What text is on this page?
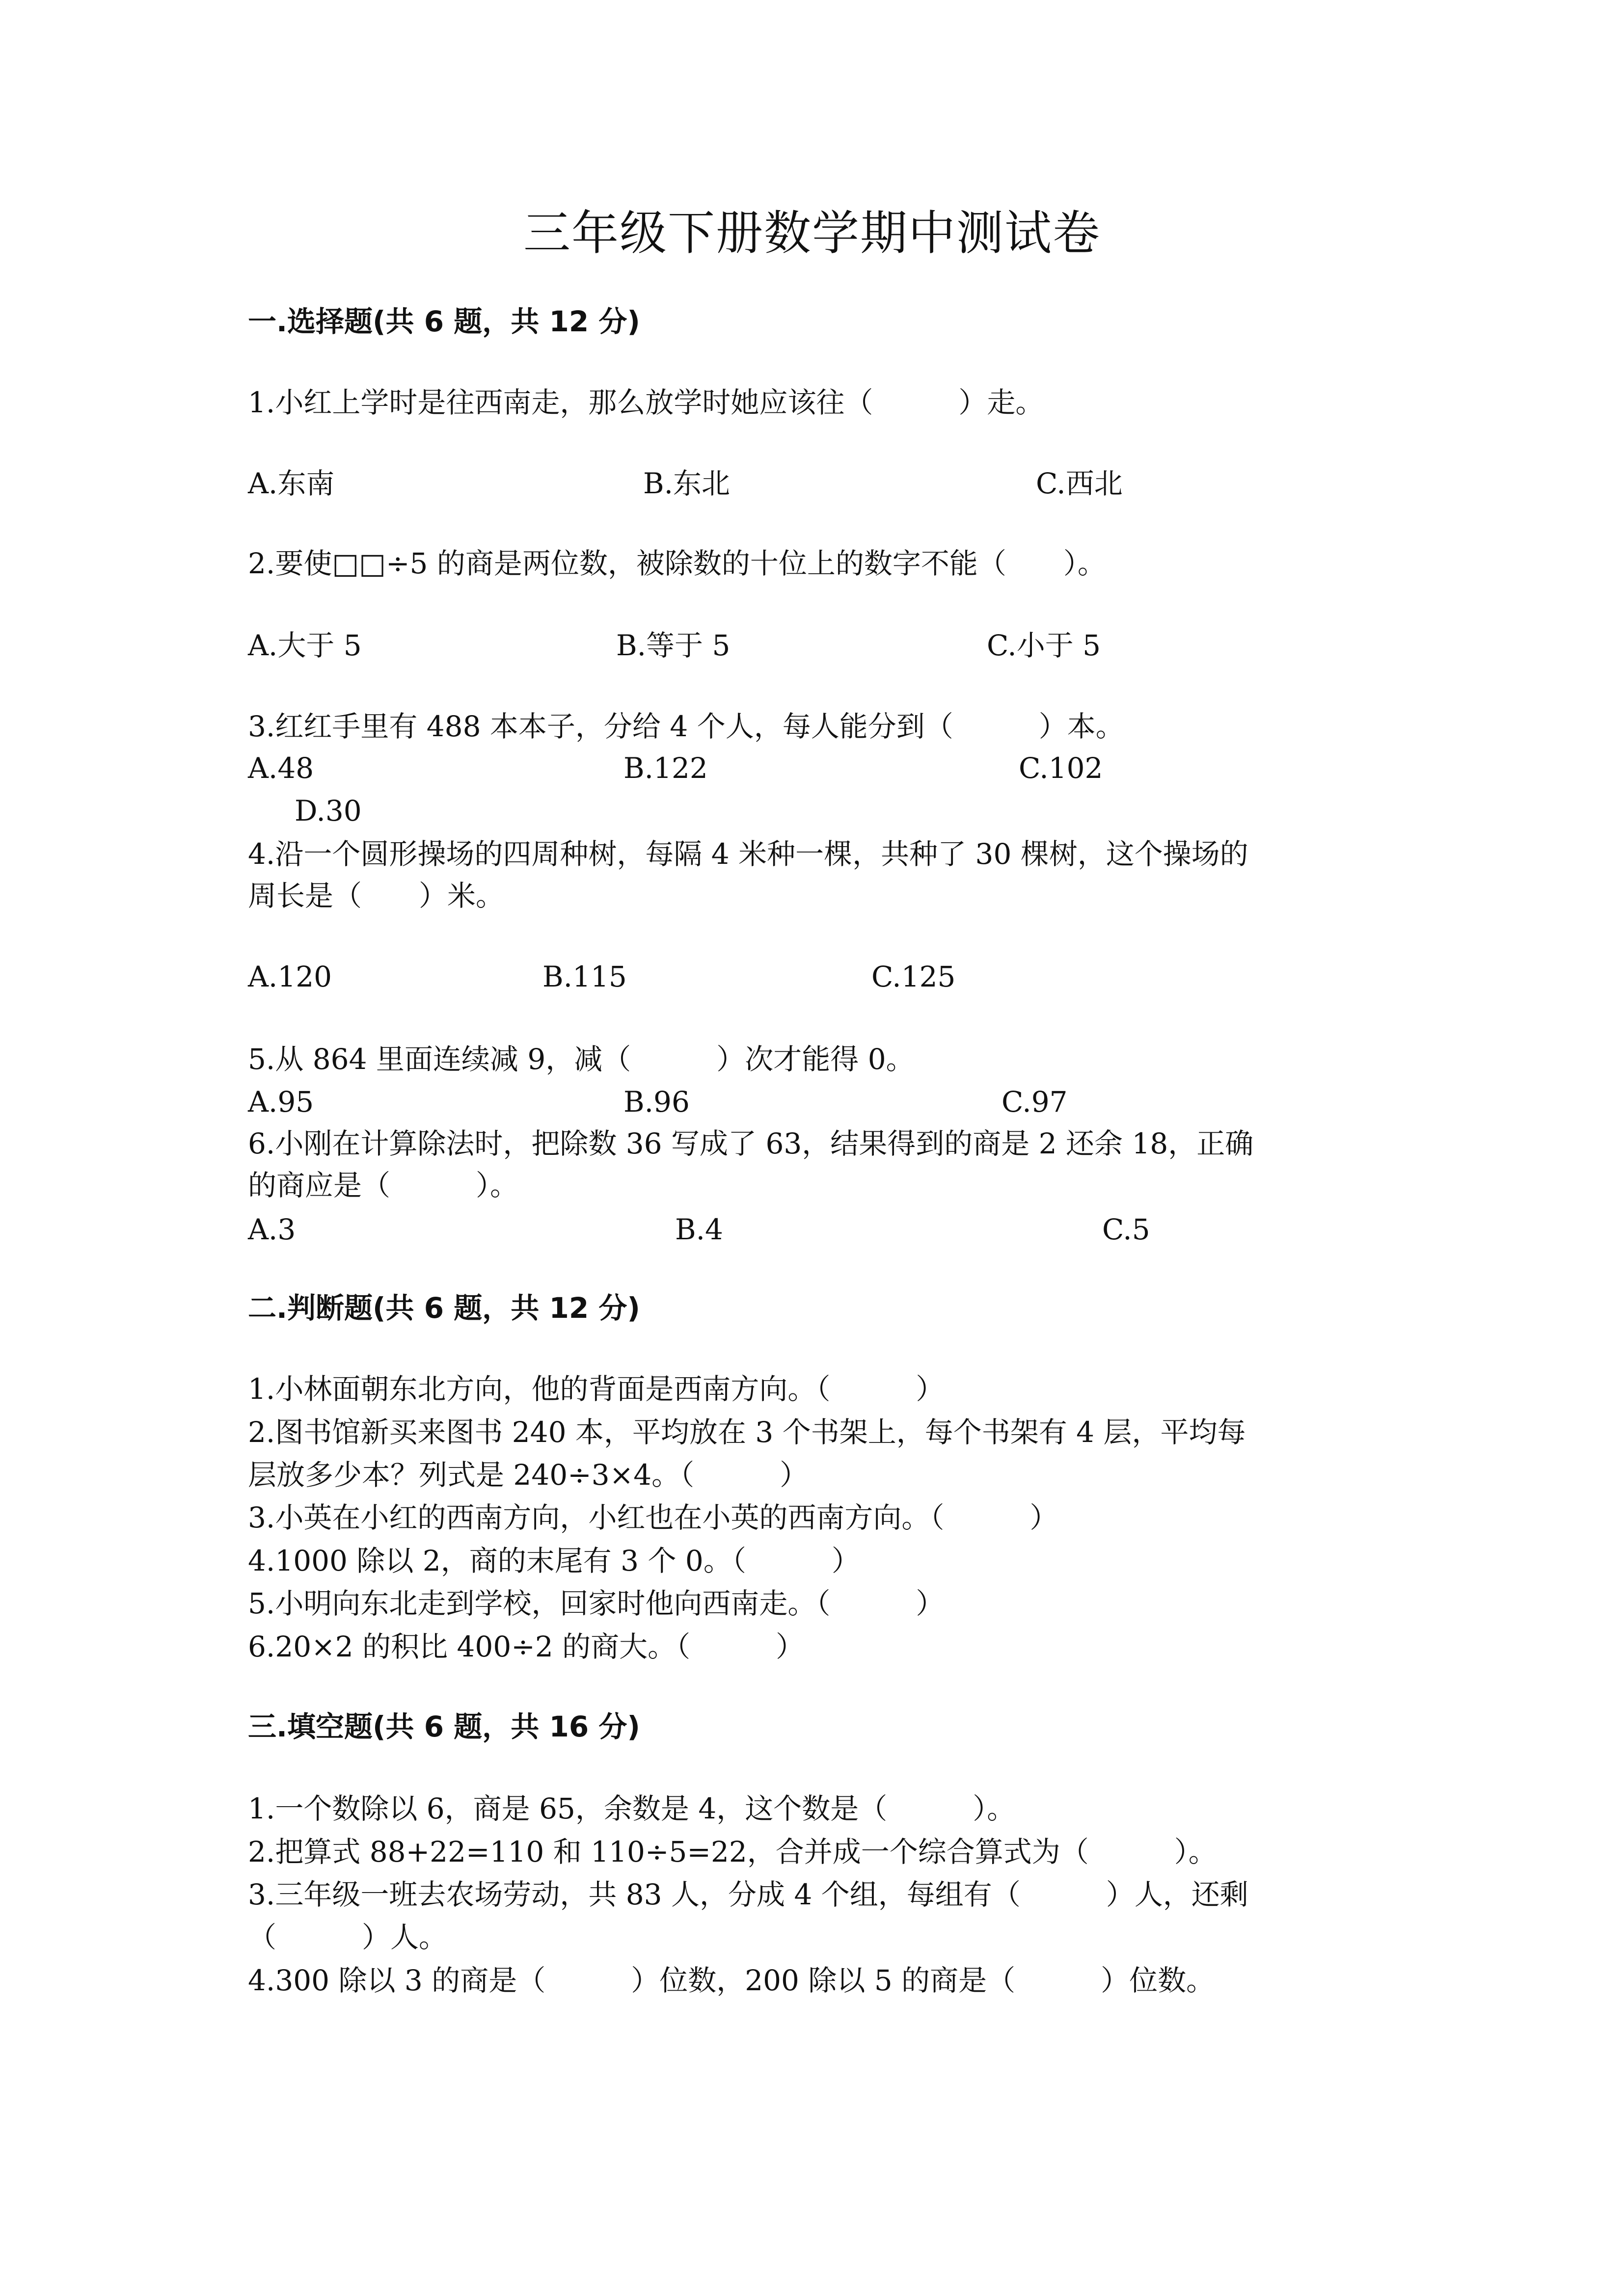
三年级下册数学期中测试卷
一.选择题(共 6 题，共 12 分)
1.小红上学时是往西南走，那么放学时她应该往（　　　）走。
A.东南	B.东北	C.西北
2.要使□□÷5 的商是两位数，被除数的十位上的数字不能（　　）。
A.大于 5	B.等于 5	C.小于 5
3.红红手里有 488 本本子，分给 4 个人，每人能分到（　　　）本。
A.48	B.122	C.102
D.30
4.沿一个圆形操场的四周种树，每隔 4 米种一棵，共种了 30 棵树，这个操场的
周长是（　　）米。
A.120	B.115	C.125
5.从 864 里面连续减 9，减（　　　）次才能得 0。
A.95	B.96	C.97
6.小刚在计算除法时，把除数 36 写成了 63，结果得到的商是 2 还余 18，正确
的商应是（　　　）。
A.3	B.4	C.5
二.判断题(共 6 题，共 12 分)
1.小林面朝东北方向，他的背面是西南方向。（　　　）
2.图书馆新买来图书 240 本，平均放在 3 个书架上，每个书架有 4 层，平均每
层放多少本？列式是 240÷3×4。（　　　）
3.小英在小红的西南方向，小红也在小英的西南方向。（　　　）
4.1000 除以 2，商的末尾有 3 个 0。（　　　）
5.小明向东北走到学校，回家时他向西南走。（　　　）
6.20×2 的积比 400÷2 的商大。（　　　）
三.填空题(共 6 题，共 16 分)
1.一个数除以 6，商是 65，余数是 4，这个数是（　　　）。
2.把算式 88+22=110 和 110÷5=22，合并成一个综合算式为（　　　）。
3.三年级一班去农场劳动，共 83 人，分成 4 个组，每组有（　　　）人，还剩
（　　　）人。
4.300 除以 3 的商是（　　　）位数，200 除以 5 的商是（　　　）位数。
